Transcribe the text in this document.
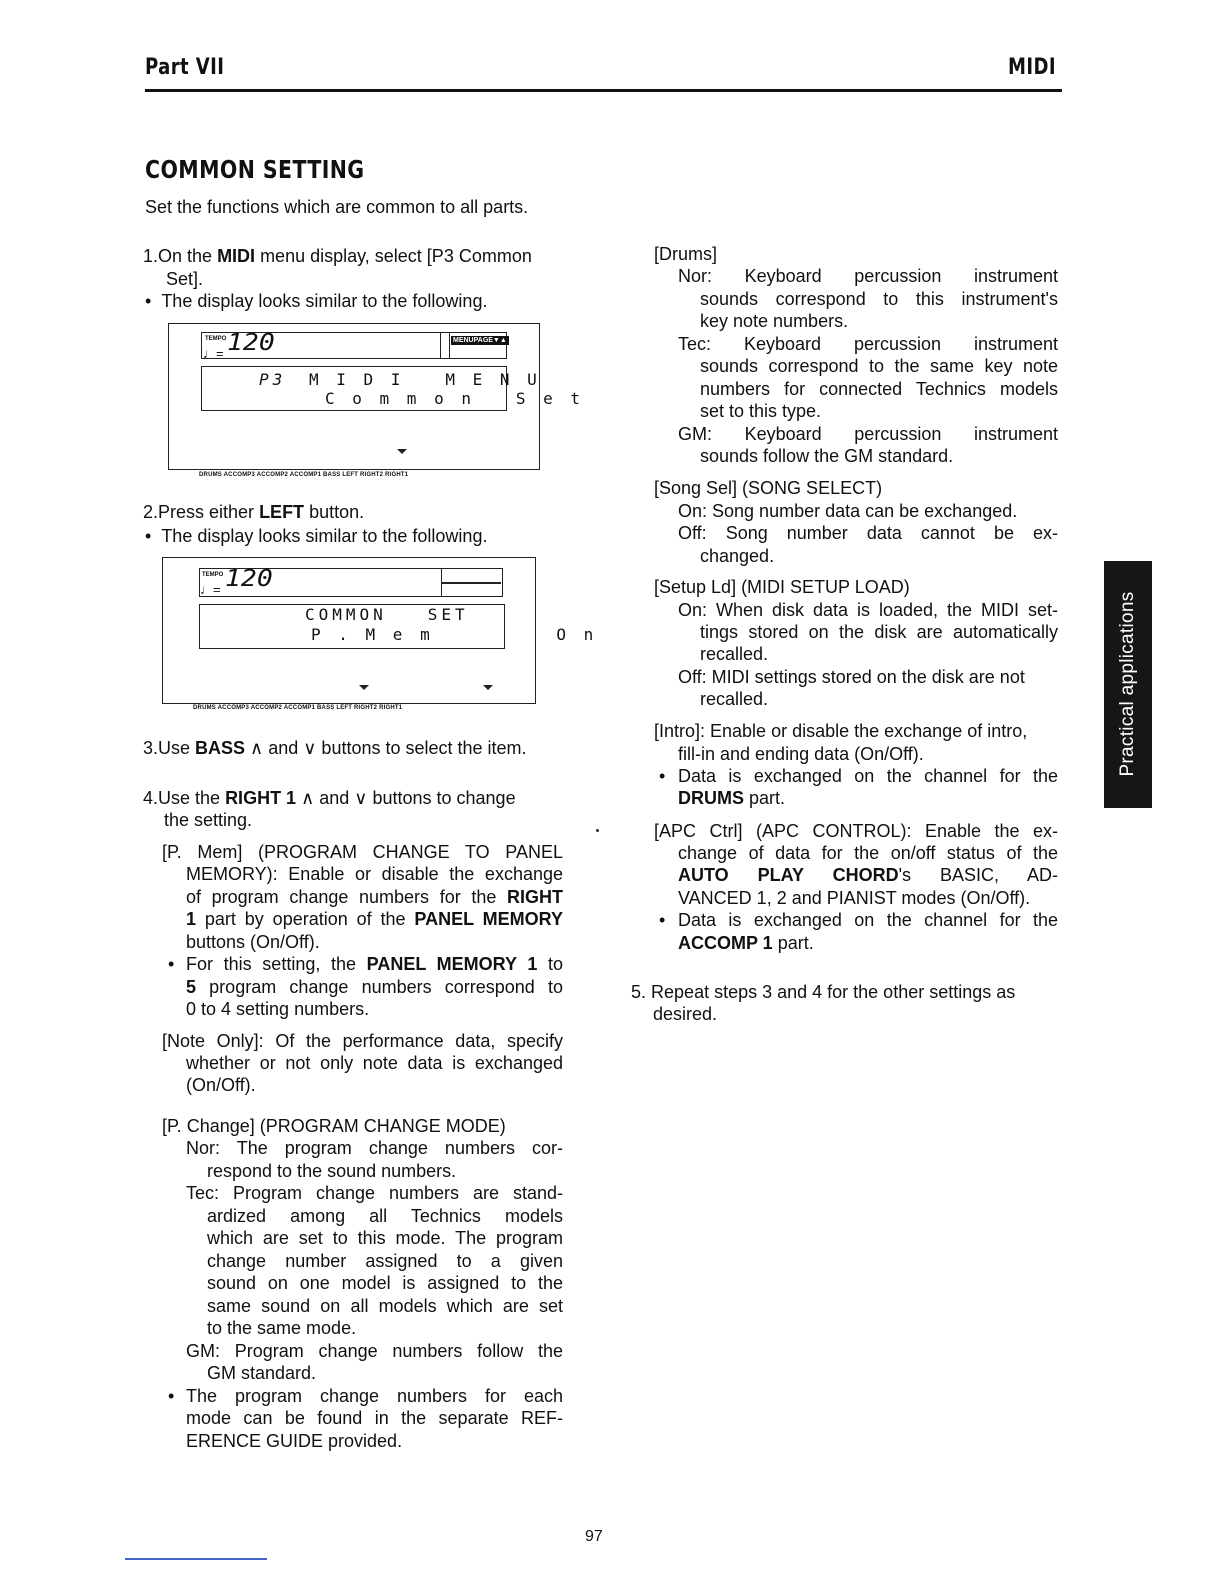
Part VII	MIDI
COMMON SETTING
Set the functions which are common to all parts.
1.On the MIDI menu display, select [P3 Common
Set].
•  The display looks similar to the following.
TEMPO
♩= 120	MENUPAGE▼▲
P3 M I D I   M E N U
C o m m o n   S e t
DRUMS ACCOMP3 ACCOMP2 ACCOMP1 BASS LEFT RIGHT2 RIGHT1
2.Press either LEFT button.
•  The display looks similar to the following.
TEMPO
♩= 120
COMMON   SET
P . M e m         O n
DRUMS ACCOMP3 ACCOMP2 ACCOMP1 BASS LEFT RIGHT2 RIGHT1
3.Use BASS ∧ and ∨ buttons to select the item.
4.Use the RIGHT 1 ∧ and ∨ buttons to change
the setting.
[P. Mem] (PROGRAM CHANGE TO PANEL
MEMORY): Enable or disable the exchange
of program change numbers for the RIGHT
1 part by operation of the PANEL MEMORY
buttons (On/Off).
• For this setting, the PANEL MEMORY 1 to
5 program change numbers correspond to
0 to 4 setting numbers.
[Note Only]: Of the performance data, specify
whether or not only note data is exchanged
(On/Off).
[P. Change] (PROGRAM CHANGE MODE)
Nor: The program change numbers cor-
respond to the sound numbers.
Tec: Program change numbers are stand-
ardized among all Technics models
which are set to this mode. The program
change number assigned to a given
sound on one model is assigned to the
same sound on all models which are set
to the same mode.
GM: Program change numbers follow the
GM standard.
• The program change numbers for each
mode can be found in the separate REF-
ERENCE GUIDE provided.
[Drums]
Nor: Keyboard percussion instrument
sounds correspond to this instrument's
key note numbers.
Tec: Keyboard percussion instrument
sounds correspond to the same key note
numbers for connected Technics models
set to this type.
GM: Keyboard percussion instrument
sounds follow the GM standard.
[Song Sel] (SONG SELECT)
On: Song number data can be exchanged.
Off: Song number data cannot be ex-
changed.
[Setup Ld] (MIDI SETUP LOAD)
On: When disk data is loaded, the MIDI set-
tings stored on the disk are automatically
recalled.
Off: MIDI settings stored on the disk are not
recalled.
[Intro]: Enable or disable the exchange of intro,
fill-in and ending data (On/Off).
• Data is exchanged on the channel for the
DRUMS part.
[APC Ctrl] (APC CONTROL): Enable the ex-
change of data for the on/off status of the
AUTO PLAY CHORD's BASIC, AD-
VANCED 1, 2 and PIANIST modes (On/Off).
• Data is exchanged on the channel for the
ACCOMP 1 part.
5. Repeat steps 3 and 4 for the other settings as
desired.
Practical applications
97
